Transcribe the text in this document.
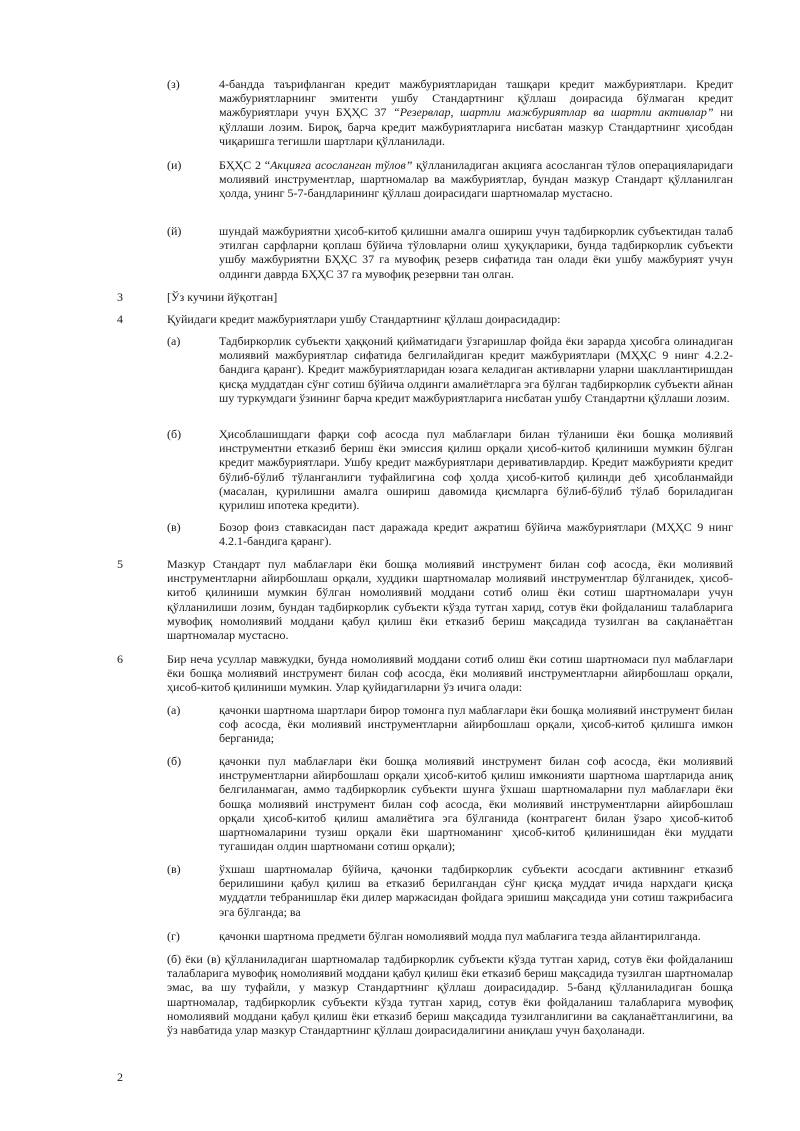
(з)	4-бандда таърифланган кредит мажбуриятларидан ташқари кредит мажбуриятлари. Кредит мажбуриятларнинг эмитенти ушбу Стандартнинг қўллаш доирасида бўлмаган кредит мажбуриятлари учун БҲҲС 37 “Резервлар, шартли мажбуриятлар ва шартли активлар” ни қўллаши лозим. Бироқ, барча кредит мажбуриятларига нисбатан мазкур Стандартнинг ҳисобдан чиқаришга тегишли шартлари қўлланилади.

(и)	БҲҲС 2 “Акцияга асосланган тўлов” қўлланиладиган акцияга асосланган тўлов операцияларидаги молиявий инструментлар, шартномалар ва мажбуриятлар, бундан мазкур Стандарт қўлланилган ҳолда, унинг 5-7-бандларининг қўллаш доирасидаги шартномалар мустасно.

(й)	шундай мажбуриятни ҳисоб-китоб қилишни амалга ошириш учун тадбиркорлик субъектидан талаб этилган сарфларни қоплаш бўйича тўловларни олиш ҳуқуқларики, бунда тадбиркорлик субъекти ушбу мажбуриятни БҲҲС 37 га мувофиқ резерв сифатида тан олади ёки ушбу мажбурият учун олдинги даврда БҲҲС 37 га мувофиқ резервни тан олган.

3	[Ўз кучини йўқотган]

4	Қуйидаги кредит мажбуриятлари ушбу Стандартнинг қўллаш доирасидадир:

(а)	Тадбиркорлик субъекти ҳаққоний қийматидаги ўзгаришлар фойда ёки зарарда ҳисобга олинадиган молиявий мажбуриятлар сифатида белгилайдиган кредит мажбуриятлари (МҲҲС 9 нинг 4.2.2-бандига қаранг). Кредит мажбуриятларидан юзага келадиган активларни уларни шакллантиришдан қисқа муддатдан сўнг сотиш бўйича олдинги амалиётларга эга бўлган тадбиркорлик субъекти айнан шу туркумдаги ўзининг барча кредит мажбуриятларига нисбатан ушбу Стандартни қўллаши лозим.

(б)	Ҳисоблашишдаги фарқи соф асосда пул маблағлари билан тўланиши ёки бошқа молиявий инструментни етказиб бериш ёки эмиссия қилиш орқали ҳисоб-китоб қилиниши мумкин бўлган кредит мажбуриятлари. Ушбу кредит мажбуриятлари деривативлардир. Кредит мажбурияти кредит бўлиб-бўлиб тўланганлиги туфайлигина соф ҳолда ҳисоб-китоб қилинди деб ҳисобланмайди (масалан, қурилишни амалга ошириш давомида қисмларга бўлиб-бўлиб тўлаб бориладиган қурилиш ипотека кредити).

(в)	Бозор фоиз ставкасидан паст даражада кредит ажратиш бўйича мажбуриятлари (МҲҲС 9 нинг 4.2.1-бандига қаранг).

5	Мазкур Стандарт пул маблағлари ёки бошқа молиявий инструмент билан соф асосда, ёки молиявий инструментларни айирбошлаш орқали, худдики шартномалар молиявий инструментлар бўлганидек, ҳисоб-китоб қилиниши мумкин бўлган номолиявий моддани сотиб олиш ёки сотиш шартномалари учун қўлланилиши лозим, бундан тадбиркорлик субъекти кўзда тутган харид, сотув ёки фойдаланиш талабларига мувофиқ номолиявий моддани қабул қилиш ёки етказиб бериш мақсадида тузилган ва сақланаётган шартномалар мустасно.

6	Бир неча усуллар мавжудки, бунда номолиявий моддани сотиб олиш ёки сотиш шартномаси пул маблағлари ёки бошқа молиявий инструмент билан соф асосда, ёки молиявий инструментларни айирбошлаш орқали, ҳисоб-китоб қилиниши мумкин. Улар қуйидагиларни ўз ичига олади:

(а)	қачонки шартнома шартлари бирор томонга пул маблағлари ёки бошқа молиявий инструмент билан соф асосда, ёки молиявий инструментларни айирбошлаш орқали, ҳисоб-китоб қилишга имкон берганида;

(б)	қачонки пул маблағлари ёки бошқа молиявий инструмент билан соф асосда, ёки молиявий инструментларни айирбошлаш орқали ҳисоб-китоб қилиш имконияти шартнома шартларида аниқ белгиланмаган, аммо тадбиркорлик субъекти шунга ўхшаш шартномаларни пул маблағлари ёки бошқа молиявий инструмент билан соф асосда, ёки молиявий инструментларни айирбошлаш орқали ҳисоб-китоб қилиш амалиётига эга бўлганида (контрагент билан ўзаро ҳисоб-китоб шартномаларини тузиш орқали ёки шартноманинг ҳисоб-китоб қилинишидан ёки муддати тугашидан олдин шартномани сотиш орқали);

(в)	ўхшаш шартномалар бўйича, қачонки тадбиркорлик субъекти асосдаги активнинг етказиб берилишини қабул қилиш ва етказиб берилгандан сўнг қисқа муддат ичида нархдаги қисқа муддатли тебранишлар ёки дилер маржасидан фойдага эришиш мақсадида уни сотиш тажрибасига эга бўлганда; ва

(г)	қачонки шартнома предмети бўлган номолиявий модда пул маблағига тезда айлантирилганда.

(б) ёки (в) қўлланиладиган шартномалар тадбиркорлик субъекти кўзда тутган харид, сотув ёки фойдаланиш талабларига мувофиқ номолиявий моддани қабул қилиш ёки етказиб бериш мақсадида тузилган шартномалар эмас, ва шу туфайли, у мазкур Стандартнинг қўллаш доирасидадир. 5-банд қўлланиладиган бошқа шартномалар, тадбиркорлик субъекти кўзда тутган харид, сотув ёки фойдаланиш талабларига мувофиқ номолиявий моддани қабул қилиш ёки етказиб бериш мақсадида тузилганлигини ва сақланаётганлигини, ва ўз навбатида улар мазкур Стандартнинг қўллаш доирасидалигини аниқлаш учун баҳоланади.

2
